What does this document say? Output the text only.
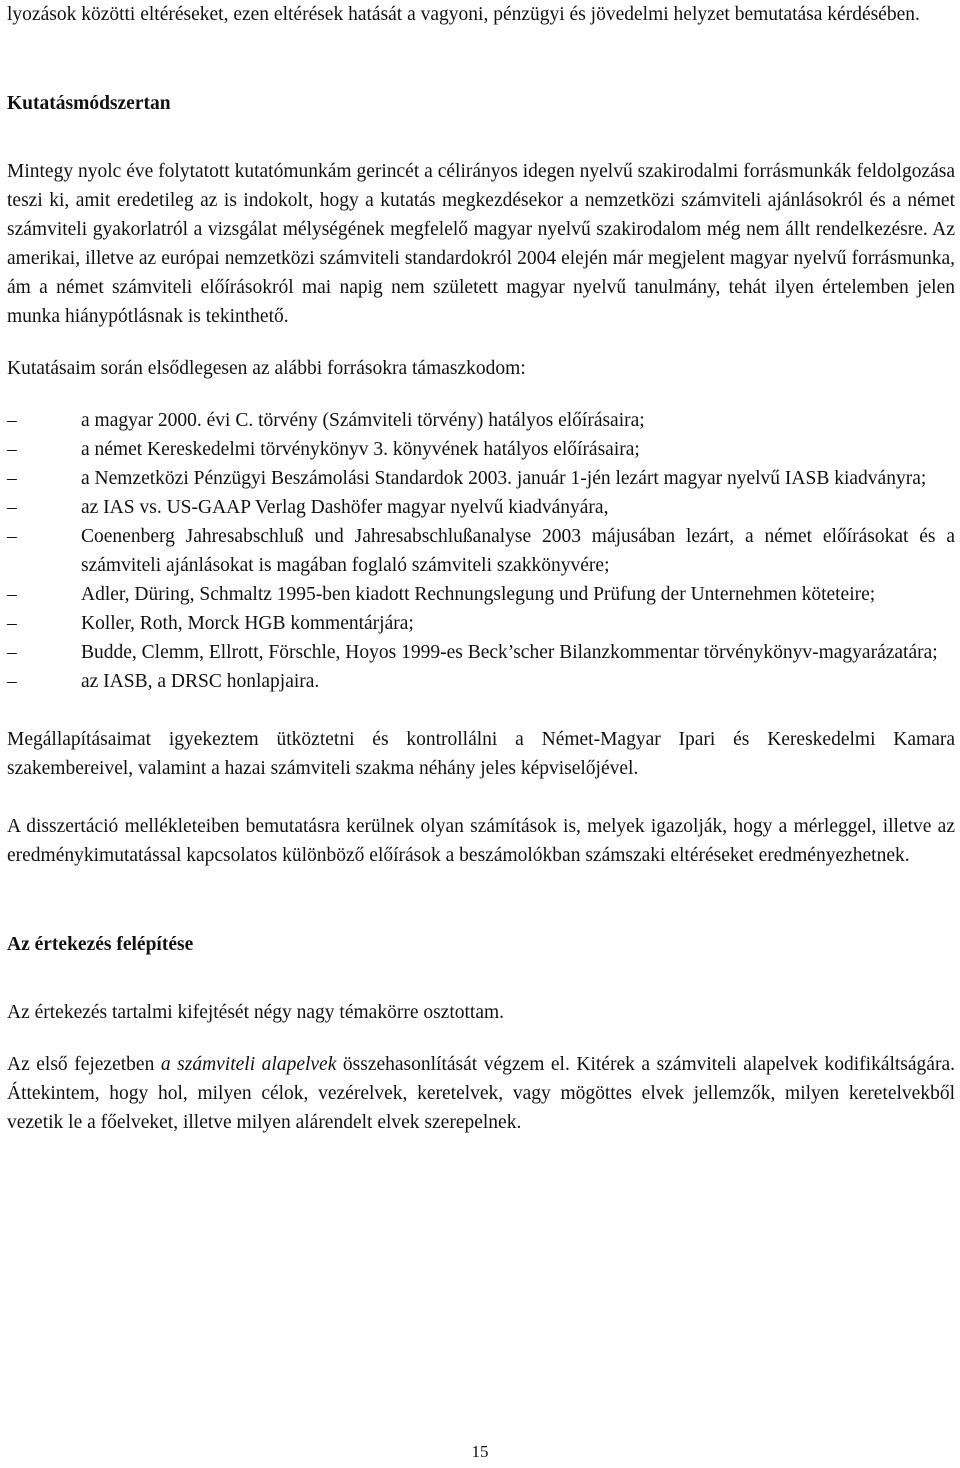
lyozások közötti eltéréseket, ezen eltérések hatását a vagyoni, pénzügyi és jövedelmi helyzet bemutatása kérdésében.

Kutatásmódszertan

Mintegy nyolc éve folytatott kutatómunkám gerincét a célirányos idegen nyelvű szakirodalmi forrásmunkák feldolgozása teszi ki, amit eredetileg az is indokolt, hogy a kutatás megkezdésekor a nemzetközi számviteli ajánlásokról és a német számviteli gyakorlatról a vizsgálat mélységének megfelelő magyar nyelvű szakirodalom még nem állt rendelkezésre. Az amerikai, illetve az európai nemzetközi számviteli standardokról 2004 elején már megjelent magyar nyelvű forrásmunka, ám a német számviteli előírásokról mai napig nem született magyar nyelvű tanulmány, tehát ilyen értelemben jelen munka hiánypótlásnak is tekinthető.

Kutatásaim során elsődlegesen az alábbi forrásokra támaszkodom:

–	a magyar 2000. évi C. törvény (Számviteli törvény) hatályos előírásaira;
–	a német Kereskedelmi törvénykönyv 3. könyvének hatályos előírásaira;
–	a Nemzetközi Pénzügyi Beszámolási Standardok 2003. január 1-jén lezárt magyar nyelvű IASB kiadványra;
–	az IAS vs. US-GAAP Verlag Dashöfer magyar nyelvű kiadványára,
–	Coenenberg Jahresabschluß und Jahresabschlußanalyse 2003 májusában lezárt, a német előírásokat és a számviteli ajánlásokat is magában foglaló számviteli szakkönyvére;
–	Adler, Düring, Schmaltz 1995-ben kiadott Rechnungslegung und Prüfung der Unternehmen köteteire;
–	Koller, Roth, Morck HGB kommentárjára;
–	Budde, Clemm, Ellrott, Förschle, Hoyos 1999-es Beck’scher Bilanzkommentar törvénykönyv-magyarázatára;
–	az IASB, a DRSC honlapjaira.

Megállapításaimat igyekeztem ütköztetni és kontrollálni a Német-Magyar Ipari és Kereskedelmi Kamara szakembereivel, valamint a hazai számviteli szakma néhány jeles képviselőjével.

A disszertáció mellékleteiben bemutatásra kerülnek olyan számítások is, melyek igazolják, hogy a mérleggel, illetve az eredménykimutatással kapcsolatos különböző előírások a beszámolókban számszaki eltéréseket eredményezhetnek.

Az értekezés felépítése

Az értekezés tartalmi kifejtését négy nagy témakörre osztottam.

Az első fejezetben a számviteli alapelvek összehasonlítását végzem el. Kitérek a számviteli alapelvek kodifikáltságára. Áttekintem, hogy hol, milyen célok, vezérelvek, keretelvek, vagy mögöttes elvek jellemzők, milyen keretelvekből vezetik le a főelveket, illetve milyen alárendelt elvek szerepelnek.

15
